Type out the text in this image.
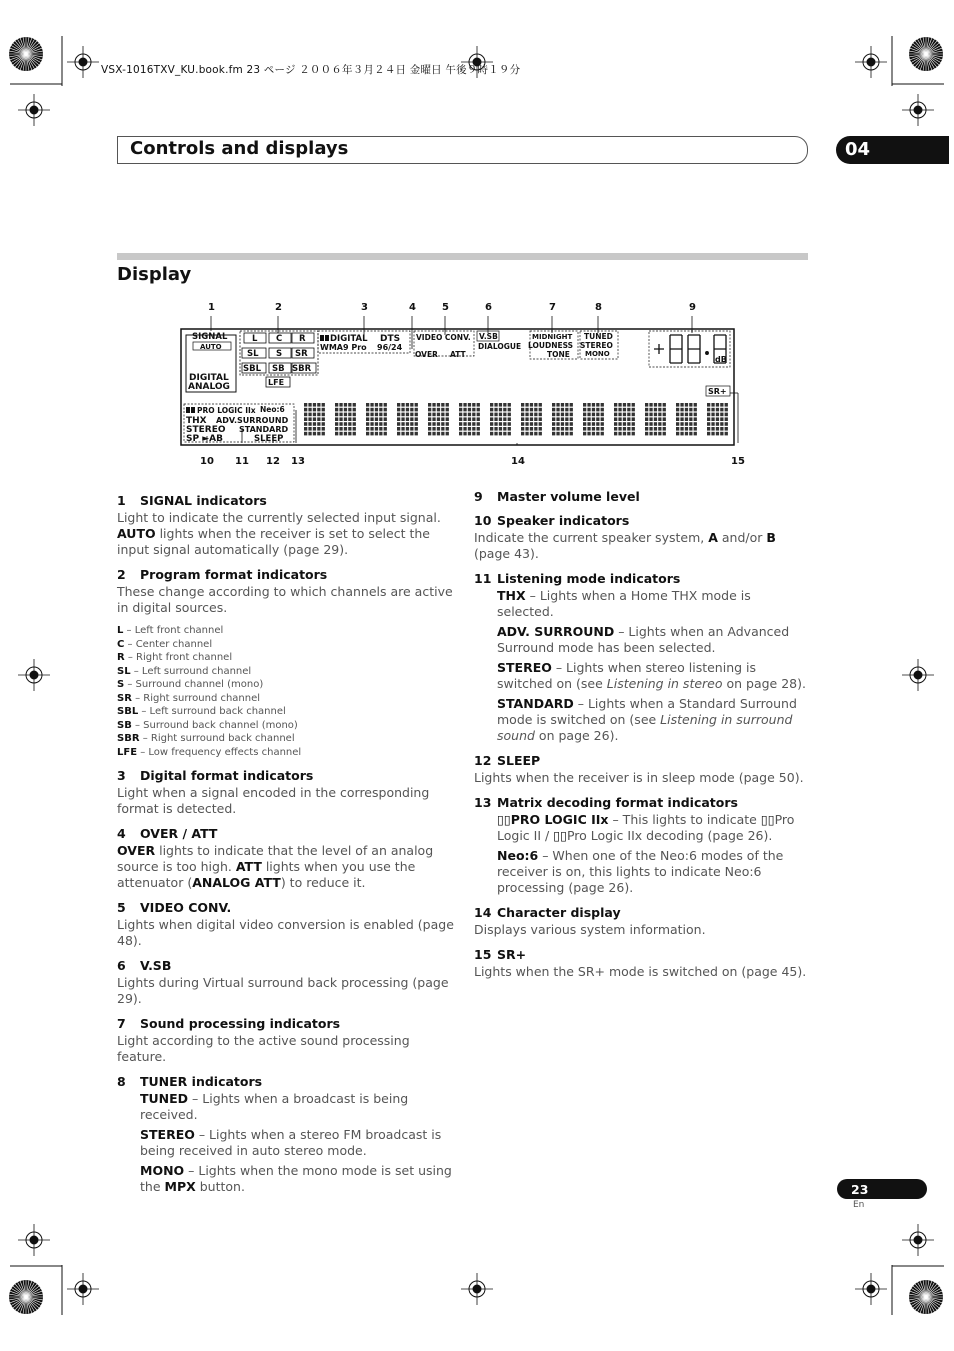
VSX-1016TXV_KU.book.fm 23 ページ ２００６年３月２４日 金曜日 午後９時１９分
Controls and displays	04
Display
1	2	3	4	5	6	7	8	9
10 11 12 13	14	15
SIGNAL
AUTO
DIGITAL
ANALOG
L C R
SL S SR
SBL SB SBR
LFE
DIGITAL DTS
WMA9 Pro 96/24
VIDEO CONV. V.SB
OVER ATT
DIALOGUE
MIDNIGHT
LOUDNESS
TONE
TUNED
STEREO
MONO
dB
SR+
PRO LOGIC IIx Neo:6
THX ADV.SURROUND
STEREO STANDARD
SP ►AB	SLEEP
1 SIGNAL indicators

Light to indicate the currently selected input signal. AUTO lights when the receiver is set to select the input signal automatically (page 29).

2 Program format indicators

These change according to which channels are active in digital sources.

L – Left front channel
C – Center channel
R – Right front channel
SL – Left surround channel
S – Surround channel (mono)
SR – Right surround channel
SBL – Left surround back channel
SB – Surround back channel (mono)
SBR – Right surround back channel
LFE – Low frequency effects channel
3 Digital format indicators

Light when a signal encoded in the corresponding format is detected.

4 OVER / ATT

OVER lights to indicate that the level of an analog source is too high. ATT lights when you use the attenuator (ANALOG ATT) to reduce it.

5 VIDEO CONV.

Lights when digital video conversion is enabled (page 48).

6 V.SB

Lights during Virtual surround back processing (page 29).

7 Sound processing indicators

Light according to the active sound processing feature.

8 TUNER indicators

TUNED – Lights when a broadcast is being received.

STEREO – Lights when a stereo FM broadcast is being received in auto stereo mode.

MONO – Lights when the mono mode is set using the MPX button.

9 Master volume level
10 Speaker indicators

Indicate the current speaker system, A and/or B (page 43).

11 Listening mode indicators

THX – Lights when a Home THX mode is selected.

ADV. SURROUND – Lights when an Advanced Surround mode has been selected.

STEREO – Lights when stereo listening is switched on (see Listening in stereo on page 28).

STANDARD – Lights when a Standard Surround mode is switched on (see Listening in surround sound on page 26).

12 SLEEP

Lights when the receiver is in sleep mode (page 50).

13 Matrix decoding format indicators

▯▯PRO LOGIC IIx – This lights to indicate ▯▯Pro Logic II / ▯▯Pro Logic IIx decoding (page 26).

Neo:6 – When one of the Neo:6 modes of the receiver is on, this lights to indicate Neo:6 processing (page 26).

14 Character display

Displays various system information.

15 SR+

Lights when the SR+ mode is switched on (page 45).

23
En
